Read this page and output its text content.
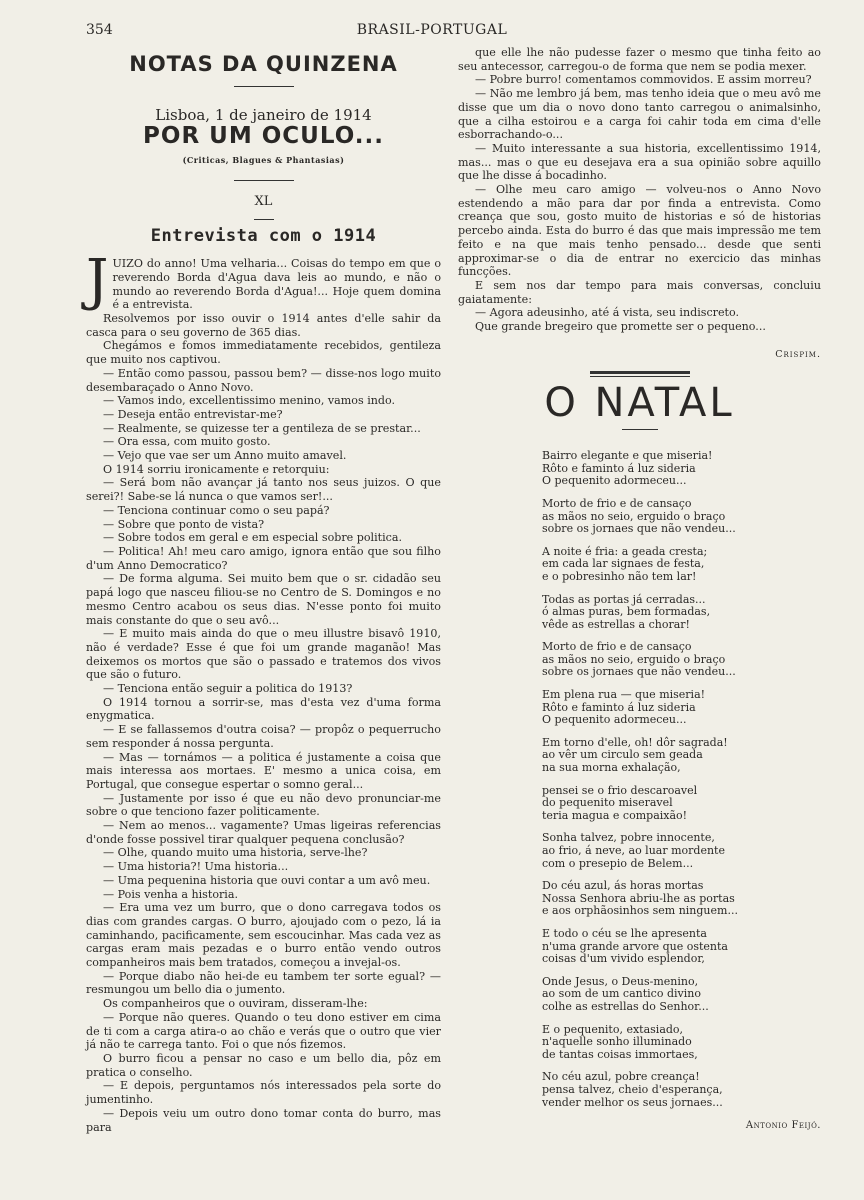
354	BRASIL-PORTUGAL
NOTAS DA QUINZENA
Lisboa, 1 de janeiro de 1914
POR UM OCULO...
(Criticas, Blagues & Phantasias)
XL
Entrevista com o 1914

JUIZO do anno! Uma velharia... Coisas do tempo em que o reverendo Borda d'Agua dava leis ao mundo, e não o mundo ao reverendo Borda d'Agua!... Hoje quem domina é a entrevista.

Resolvemos por isso ouvir o 1914 antes d'elle sahir da casca para o seu governo de 365 dias.

Chegámos e fomos immediatamente recebidos, gentileza que muito nos captivou.

— Então como passou, passou bem? — disse-nos logo muito desembaraçado o Anno Novo.

— Vamos indo, excellentissimo menino, vamos indo.

— Deseja então entrevistar-me?

— Realmente, se quizesse ter a gentileza de se prestar...

— Ora essa, com muito gosto.

— Vejo que vae ser um Anno muito amavel.

O 1914 sorriu ironicamente e retorquiu:

— Será bom não avançar já tanto nos seus juizos. O que serei?! Sabe-se lá nunca o que vamos ser!...

— Tenciona continuar como o seu papá?

— Sobre que ponto de vista?

— Sobre todos em geral e em especial sobre politica.

— Politica! Ah! meu caro amigo, ignora então que sou filho d'um Anno Democratico?

— De forma alguma. Sei muito bem que o sr. cidadão seu papá logo que nasceu filiou-se no Centro de S. Domingos e no mesmo Centro acabou os seus dias. N'esse ponto foi muito mais constante do que o seu avô...

— E muito mais ainda do que o meu illustre bisavô 1910, não é verdade? Esse é que foi um grande maganão! Mas deixemos os mortos que são o passado e tratemos dos vivos que são o futuro.

— Tenciona então seguir a politica do 1913?

O 1914 tornou a sorrir-se, mas d'esta vez d'uma forma enygmatica.

— E se fallassemos d'outra coisa? — propôz o pequerrucho sem responder á nossa pergunta.

— Mas — tornámos — a politica é justamente a coisa que mais interessa aos mortaes. E' mesmo a unica coisa, em Portugal, que consegue espertar o somno geral...

— Justamente por isso é que eu não devo pronunciar-me sobre o que tenciono fazer politicamente.

— Nem ao menos... vagamente? Umas ligeiras referencias d'onde fosse possivel tirar qualquer pequena conclusão?

— Olhe, quando muito uma historia, serve-lhe?

— Uma historia?! Uma historia...

— Uma pequenina historia que ouvi contar a um avô meu.

— Pois venha a historia.

— Era uma vez um burro, que o dono carregava todos os dias com grandes cargas. O burro, ajoujado com o pezo, lá ia caminhando, pacificamente, sem escoucinhar. Mas cada vez as cargas eram mais pezadas e o burro então vendo outros companheiros mais bem tratados, começou a invejal-os.

— Porque diabo não hei-de eu tambem ter sorte egual? — resmungou um bello dia o jumento.

Os companheiros que o ouviram, disseram-lhe:

— Porque não queres. Quando o teu dono estiver em cima de ti com a carga atira-o ao chão e verás que o outro que vier já não te carrega tanto. Foi o que nós fizemos.

O burro ficou a pensar no caso e um bello dia, pôz em pratica o conselho.

— E depois, perguntamos nós interessados pela sorte do jumentinho.

— Depois veiu um outro dono tomar conta do burro, mas para

que elle lhe não pudesse fazer o mesmo que tinha feito ao seu antecessor, carregou-o de forma que nem se podia mexer.

— Pobre burro! comentamos commovidos. E assim morreu?

— Não me lembro já bem, mas tenho ideia que o meu avô me disse que um dia o novo dono tanto carregou o animalsinho, que a cilha estoirou e a carga foi cahir toda em cima d'elle esborrachando-o...

— Muito interessante a sua historia, excellentissimo 1914, mas... mas o que eu desejava era a sua opinião sobre aquillo que lhe disse á bocadinho.

— Olhe meu caro amigo — volveu-nos o Anno Novo estendendo a mão para dar por finda a entrevista. Como creança que sou, gosto muito de historias e só de historias percebo ainda. Esta do burro é das que mais impressão me tem feito e na que mais tenho pensado... desde que senti approximar-se o dia de entrar no exercicio das minhas funcções.

E sem nos dar tempo para mais conversas, concluiu gaiatamente:

— Agora adeusinho, até á vista, seu indiscreto.

Que grande bregeiro que promette ser o pequeno...

Crispim.
O NATAL
Bairro elegante e que miseria!
Rôto e faminto á luz sideria
O pequenito adormeceu...
Morto de frio e de cansaço
as mãos no seio, erguido o braço
sobre os jornaes que não vendeu...
A noite é fria: a geada cresta;
em cada lar signaes de festa,
e o pobresinho não tem lar!
Todas as portas já cerradas...
ó almas puras, bem formadas,
vêde as estrellas a chorar!
Morto de frio e de cansaço
as mãos no seio, erguido o braço
sobre os jornaes que não vendeu...
Em plena rua — que miseria!
Rôto e faminto á luz sideria
O pequenito adormeceu...
Em torno d'elle, oh! dôr sagrada!
ao vêr um circulo sem geada
na sua morna exhalação,
pensei se o frio descaroavel
do pequenito miseravel
teria magua e compaixão!
Sonha talvez, pobre innocente,
ao frio, á neve, ao luar mordente
com o presepio de Belem...
Do céu azul, ás horas mortas
Nossa Senhora abriu-lhe as portas
e aos orphãosinhos sem ninguem...
E todo o céu se lhe apresenta
n'uma grande arvore que ostenta
coisas d'um vivido esplendor,
Onde Jesus, o Deus-menino,
ao som de um cantico divino
colhe as estrellas do Senhor...
E o pequenito, extasiado,
n'aquelle sonho illuminado
de tantas coisas immortaes,
No céu azul, pobre creança!
pensa talvez, cheio d'esperança,
vender melhor os seus jornaes...
Antonio Feijó.
